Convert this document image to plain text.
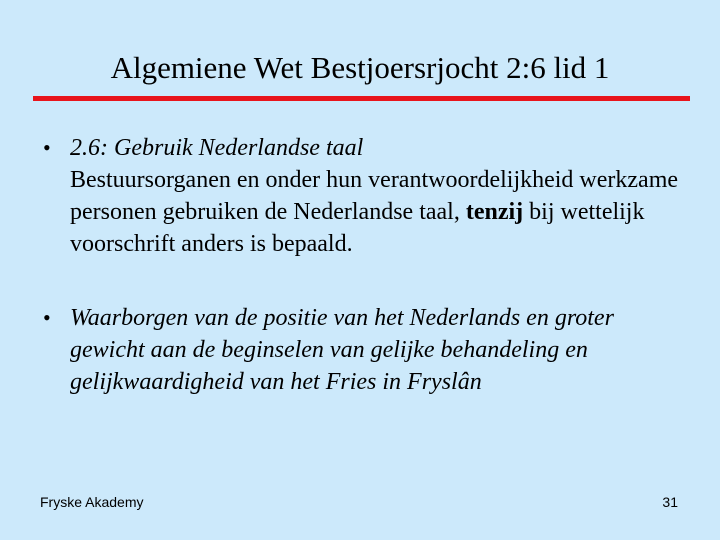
Algemiene Wet Bestjoersrjocht 2:6 lid 1
• 2.6: Gebruik Nederlandse taal
Bestuursorganen en onder hun verantwoordelijkheid werkzame personen gebruiken de Nederlandse taal, tenzij bij wettelijk voorschrift anders is bepaald.
• Waarborgen van de positie van het Nederlands en groter gewicht aan de beginselen van gelijke behandeling en gelijkwaardigheid van het Fries in Fryslân
Fryske Akademy	31
